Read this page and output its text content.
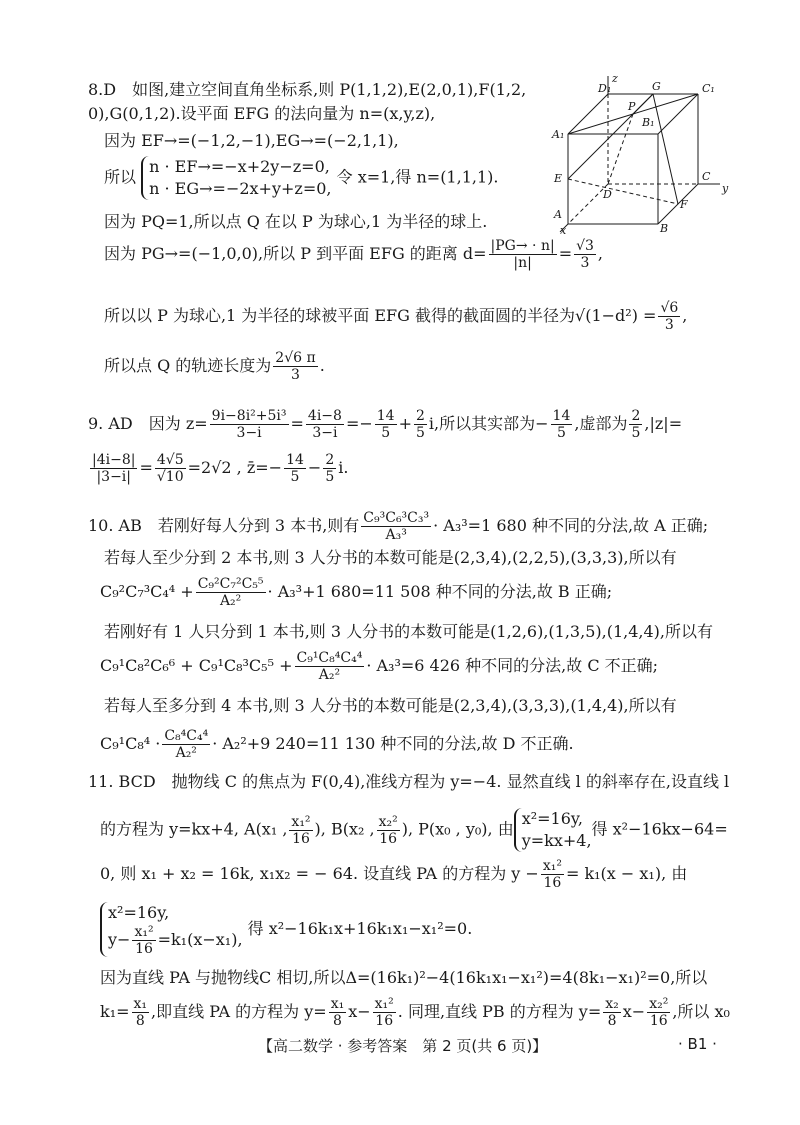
8.D　如图,建立空间直角坐标系,则 P(1,1,2),E(2,0,1),F(1,2,
0),G(0,1,2).设平面 EFG 的法向量为 n=(x,y,z),
因为 EF→=(−1,2,−1),EG→=(−2,1,1),
所以
n · EF→=−x+2y−z=0,
n · EG→=−2x+y+z=0,
令 x=1,得 n=(1,1,1).
因为 PQ=1,所以点 Q 在以 P 为球心,1 为半径的球上.
因为 PG→=(−1,0,0),所以 P 到平面 EFG 的距离 $d= \frac{|PG\to \cdot n|}{|n|} = \frac{√3}{3}$ ,
所以以 P 为球心,1 为半径的球被平面 EFG 截得的截面圆的半径为$√(1-d^2) = \frac{√6}{3}$ ,
所以点 Q 的轨迹长度为 $\frac{2√6 \pi}{3}$ .
z
D₁
P
G	C₁
A₁
B₁
E
D
C
y
A
x
F
B
9. AD　因为 $z= \frac{\text{9i−8i²+5i³}}{3-i} = \frac{4i-8}{3-i} =- \frac{14}{5} + \frac{2}{5} i$,所以其实部为− $\frac{14}{5}$ ,虚部为 $\frac{2}{5} ,|z|=$
$\frac{|4i-8|}{|3-i|} = \frac{4√5}{√10} =2√2$ , z̄=− $\frac{14}{5} - \frac{2}{5} i$.
10. AB　若刚好每人分到 3 本书,则有 $\frac{\text{C₉³C₆³C₃³}}{\text{A₃³}} \cdot A_3^3=1$ 680 种不同的分法,故 A 正确;
若每人至少分到 2 本书,则 3 人分书的本数可能是(2,3,4),(2,2,5),(3,3,3),所以有
$C_9^2C_7^3C_4^4 + \frac{\text{C₉²C₇²C₅⁵}}{\text{A₂²}} \cdot A_3^3+1$ 680=11 508 种不同的分法,故 B 正确;
若刚好有 1 人只分到 1 本书,则 3 人分书的本数可能是(1,2,6),(1,3,5),(1,4,4),所以有
$C_9^1C_8^2C_6^6 + C_9^1C_8^3C_5^5 + \frac{\text{C₉¹C₈⁴C₄⁴}}{\text{A₂²}} \cdot A_3^3=6$ 426 种不同的分法,故 C 不正确;
若每人至多分到 4 本书,则 3 人分书的本数可能是(2,3,4),(3,3,3),(1,4,4),所以有
$C_9^1C_8^4 \cdot \frac{\text{C₈⁴C₄⁴}}{\text{A₂²}} \cdot A_2^2+9$ 240=11 130 种不同的分法,故 D 不正确.
11. BCD　抛物线 C 的焦点为 F(0,4),准线方程为 y=−4. 显然直线 l 的斜率存在,设直线 l
的方程为 y=kx+4, A(x₁ , $\frac{\text{x₁²}}{16}$ ), B(x₂ , $\frac{\text{x₂²}}{16}$ ), P(x₀ , y₀), 由
x²=16y,
y=kx+4,
得 x²−16kx−64=
0, 则 x₁ + x₂ = 16k, x₁x₂ = − 64. 设直线 PA 的方程为 $y - \frac{\text{x₁²}}{16} = k_1(x - x_1)$, 由
x²=16y,
$y- \frac{\text{x₁²}}{16} =k_1(x-x_1)$,
得 x²−16k₁x+16k₁x₁−x₁²=0.
因为直线 PA 与抛物线C 相切,所以Δ=(16k₁)²−4(16k₁x₁−x₁²)=4(8k₁−x₁)²=0,所以
$k_1= \frac{\text{x₁}}{8}$ ,即直线 PA 的方程为 $y= \frac{\text{x₁}}{8} x- \frac{\text{x₁²}}{16}$ . 同理,直线 PB 的方程为 $y= \frac{\text{x₂}}{8} x- \frac{\text{x₂²}}{16}$ ,所以 x₀
【高二数学 · 参考答案　第 2 页(共 6 页)】	· B1 ·
